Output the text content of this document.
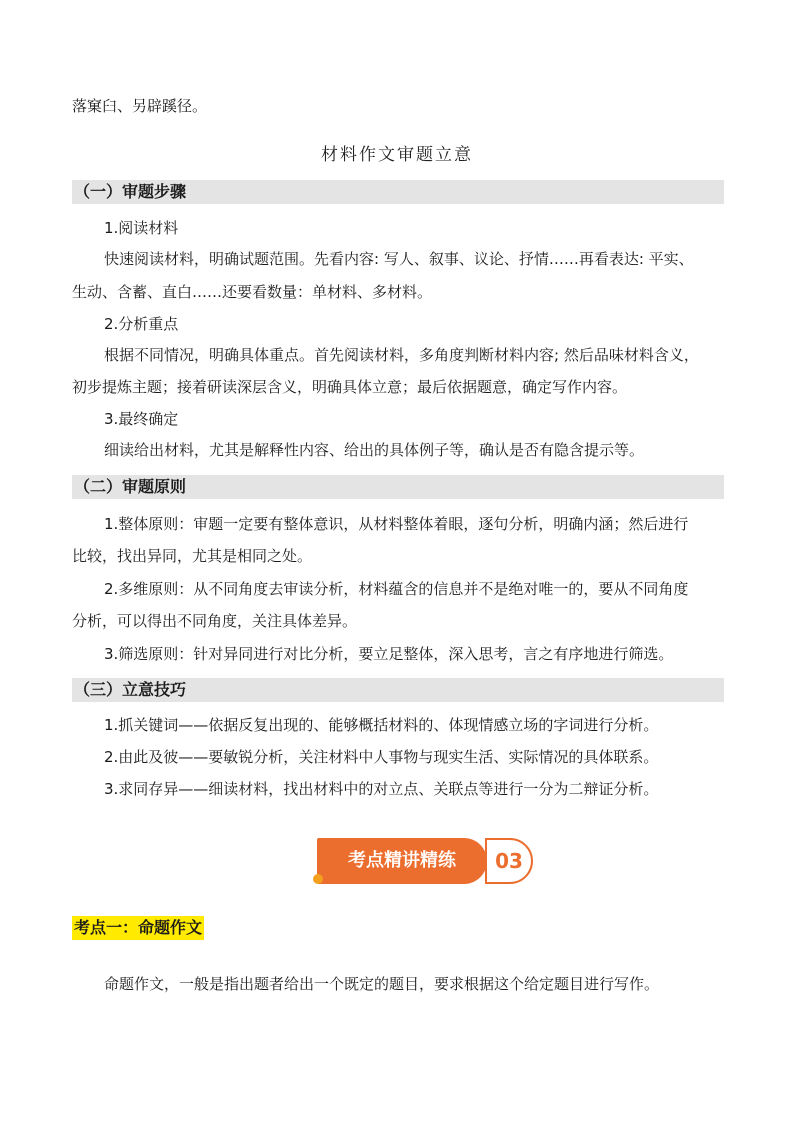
落窠臼、另辟蹊径。

材料作文审题立意
（一）审题步骤

1.阅读材料

快速阅读材料，明确试题范围。先看内容: 写人、叙事、议论、抒情……再看表达: 平实、

生动、含蓄、直白……还要看数量：单材料、多材料。

2.分析重点

根据不同情况，明确具体重点。首先阅读材料，多角度判断材料内容; 然后品味材料含义，

初步提炼主题；接着研读深层含义，明确具体立意；最后依据题意，确定写作内容。

3.最终确定

细读给出材料，尤其是解释性内容、给出的具体例子等，确认是否有隐含提示等。

（二）审题原则

1.整体原则：审题一定要有整体意识，从材料整体着眼，逐句分析，明确内涵；然后进行

比较，找出异同，尤其是相同之处。

2.多维原则：从不同角度去审读分析，材料蕴含的信息并不是绝对唯一的，要从不同角度

分析，可以得出不同角度，关注具体差异。

3.筛选原则：针对异同进行对比分析，要立足整体，深入思考，言之有序地进行筛选。

（三）立意技巧

1.抓关键词——依据反复出现的、能够概括材料的、体现情感立场的字词进行分析。

2.由此及彼——要敏锐分析，关注材料中人事物与现实生活、实际情况的具体联系。

3.求同存异——细读材料，找出材料中的对立点、关联点等进行一分为二辩证分析。

考点精讲精练	03
考点一：命题作文

命题作文，一般是指出题者给出一个既定的题目，要求根据这个给定题目进行写作。
